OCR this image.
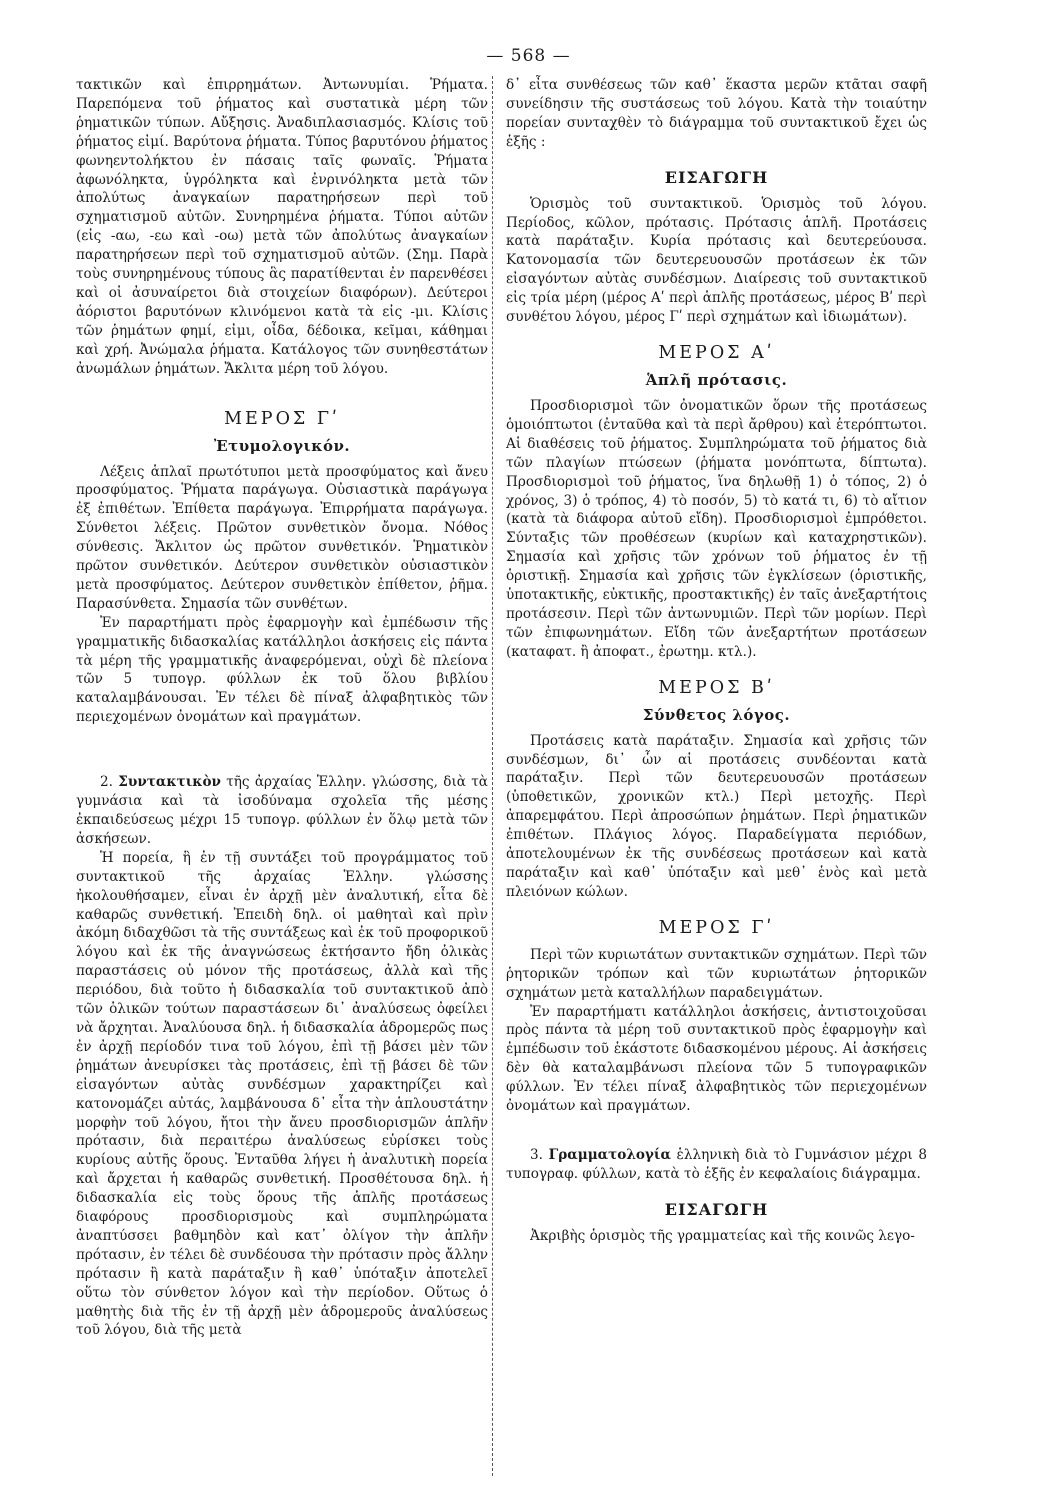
— 568 —

τακτικῶν καὶ ἐπιρρημάτων. Ἀντωνυμίαι. Ῥήματα. Παρεπόμενα τοῦ ῥήματος καὶ συστατικὰ μέρη τῶν ῥηματικῶν τύπων. Αὔξησις. Ἀναδιπλασιασμός. Κλίσις τοῦ ῥήματος εἰμί. Βαρύτονα ῥήματα. Τύπος βαρυτόνου ῥήματος φωνηεντολήκτου ἐν πάσαις ταῖς φωναῖς. Ῥήματα ἀφωνόληκτα, ὑγρόληκτα καὶ ἐνρινόληκτα μετὰ τῶν ἀπολύτως ἀναγκαίων παρατηρήσεων περὶ τοῦ σχηματισμοῦ αὐτῶν. Συνηρημένα ῥήματα. Τύποι αὐτῶν (εἰς -αω, -εω καὶ -οω) μετὰ τῶν ἀπολύτως ἀναγκαίων παρατηρήσεων περὶ τοῦ σχηματισμοῦ αὐτῶν. (Σημ. Παρὰ τοὺς συνηρημένους τύπους ἃς παρατίθενται ἐν παρενθέσει καὶ οἱ ἀσυναίρετοι διὰ στοιχείων διαφόρων). Δεύτεροι ἀόριστοι βαρυτόνων κλινόμενοι κατὰ τὰ εἰς -μι. Κλίσις τῶν ῥημάτων φημί, εἰμι, οἶδα, δέδοικα, κεῖμαι, κάθημαι καὶ χρή. Ἀνώμαλα ῥήματα. Κατάλογος τῶν συνηθεστάτων ἀνωμάλων ῥημάτων. Ἄκλιτα μέρη τοῦ λόγου.

ΜΕΡΟΣ Γʹ
Ἐτυμολογικόν.

Λέξεις ἁπλαῖ πρωτότυποι μετὰ προσφύματος καὶ ἄνευ προσφύματος. Ῥήματα παράγωγα. Οὐσιαστικὰ παράγωγα ἐξ ἐπιθέτων. Ἐπίθετα παράγωγα. Ἐπιρρήματα παράγωγα. Σύνθετοι λέξεις. Πρῶτον συνθετικὸν ὄνομα. Νόθος σύνθεσις. Ἄκλιτον ὡς πρῶτον συνθετικόν. Ῥηματικὸν πρῶτον συνθετικόν. Δεύτερον συνθετικὸν οὐσιαστικὸν μετὰ προσφύματος. Δεύτερον συνθετικὸν ἐπίθετον, ῥῆμα. Παρασύνθετα. Σημασία τῶν συνθέτων.

Ἐν παραρτήματι πρὸς ἐφαρμογὴν καὶ ἐμπέδωσιν τῆς γραμματικῆς διδασκαλίας κατάλληλοι ἀσκήσεις εἰς πάντα τὰ μέρη τῆς γραμματικῆς ἀναφερόμεναι, οὐχὶ δὲ πλείονα τῶν 5 τυπογρ. φύλλων ἐκ τοῦ ὅλου βιβλίου καταλαμβάνουσαι. Ἐν τέλει δὲ πίναξ ἀλφαβητικὸς τῶν περιεχομένων ὀνομάτων καὶ πραγμάτων.

2. Συντακτικὸν τῆς ἀρχαίας Ἑλλην. γλώσσης, διὰ τὰ γυμνάσια καὶ τὰ ἰσοδύναμα σχολεῖα τῆς μέσης ἐκπαιδεύσεως μέχρι 15 τυπογρ. φύλλων ἐν ὅλῳ μετὰ τῶν ἀσκήσεων.

Ἡ πορεία, ἣ ἐν τῇ συντάξει τοῦ προγράμματος τοῦ συντακτικοῦ τῆς ἀρχαίας Ἑλλην. γλώσσης ἠκολουθήσαμεν, εἶναι ἐν ἀρχῇ μὲν ἀναλυτική, εἶτα δὲ καθαρῶς συνθετική. Ἐπειδὴ δηλ. οἱ μαθηταὶ καὶ πρὶν ἀκόμη διδαχθῶσι τὰ τῆς συντάξεως καὶ ἐκ τοῦ προφορικοῦ λόγου καὶ ἐκ τῆς ἀναγνώσεως ἐκτήσαντο ἤδη ὁλικὰς παραστάσεις οὐ μόνον τῆς προτάσεως, ἀλλὰ καὶ τῆς περιόδου, διὰ τοῦτο ἡ διδασκαλία τοῦ συντακτικοῦ ἀπὸ τῶν ὁλικῶν τούτων παραστάσεων δι᾽ ἀναλύσεως ὀφείλει νὰ ἄρχηται. Ἀναλύουσα δηλ. ἡ διδασκαλία ἁδρομερῶς πως ἐν ἀρχῇ περίοδόν τινα τοῦ λόγου, ἐπὶ τῇ βάσει μὲν τῶν ῥημάτων ἀνευρίσκει τὰς προτάσεις, ἐπὶ τῇ βάσει δὲ τῶν εἰσαγόντων αὐτὰς συνδέσμων χαρακτηρίζει καὶ κατονομάζει αὐτάς, λαμβάνουσα δ᾽ εἶτα τὴν ἁπλουστάτην μορφὴν τοῦ λόγου, ἤτοι τὴν ἄνευ προσδιορισμῶν ἁπλῆν πρότασιν, διὰ περαιτέρω ἀναλύσεως εὑρίσκει τοὺς κυρίους αὐτῆς ὅρους. Ἐνταῦθα λήγει ἡ ἀναλυτικὴ πορεία καὶ ἄρχεται ἡ καθαρῶς συνθετική. Προσθέτουσα δηλ. ἡ διδασκαλία εἰς τοὺς ὅρους τῆς ἁπλῆς προτάσεως διαφόρους προσδιορισμοὺς καὶ συμπληρώματα ἀναπτύσσει βαθμηδὸν καὶ κατ᾽ ὀλίγον τὴν ἁπλῆν πρότασιν, ἐν τέλει δὲ συνδέουσα τὴν πρότασιν πρὸς ἄλλην πρότασιν ἢ κατὰ παράταξιν ἢ καθ᾽ ὑπόταξιν ἀποτελεῖ οὕτω τὸν σύνθετον λόγον καὶ τὴν περίοδον. Οὕτως ὁ μαθητὴς διὰ τῆς ἐν τῇ ἀρχῇ μὲν ἁδρομεροῦς ἀναλύσεως τοῦ λόγου, διὰ τῆς μετὰ

δ᾽ εἶτα συνθέσεως τῶν καθ᾽ ἕκαστα μερῶν κτᾶται σαφῆ συνείδησιν τῆς συστάσεως τοῦ λόγου. Κατὰ τὴν τοιαύτην πορείαν συνταχθὲν τὸ διάγραμμα τοῦ συντακτικοῦ ἔχει ὡς ἑξῆς :

ΕΙΣΑΓΩΓΗ

Ὁρισμὸς τοῦ συντακτικοῦ. Ὁρισμὸς τοῦ λόγου. Περίοδος, κῶλον, πρότασις. Πρότασις ἁπλῆ. Προτάσεις κατὰ παράταξιν. Κυρία πρότασις καὶ δευτερεύουσα. Κατονομασία τῶν δευτερευουσῶν προτάσεων ἐκ τῶν εἰσαγόντων αὐτὰς συνδέσμων. Διαίρεσις τοῦ συντακτικοῦ εἰς τρία μέρη (μέρος Αʹ περὶ ἁπλῆς προτάσεως, μέρος Βʹ περὶ συνθέτου λόγου, μέρος Γʹ περὶ σχημάτων καὶ ἰδιωμάτων).

ΜΕΡΟΣ Αʹ
Ἁπλῆ πρότασις.

Προσδιορισμοὶ τῶν ὀνοματικῶν ὅρων τῆς προτάσεως ὁμοιόπτωτοι (ἐνταῦθα καὶ τὰ περὶ ἄρθρου) καὶ ἑτερόπτωτοι. Αἱ διαθέσεις τοῦ ῥήματος. Συμπληρώματα τοῦ ῥήματος διὰ τῶν πλαγίων πτώσεων (ῥήματα μονόπτωτα, δίπτωτα). Προσδιορισμοὶ τοῦ ῥήματος, ἵνα δηλωθῇ 1) ὁ τόπος, 2) ὁ χρόνος, 3) ὁ τρόπος, 4) τὸ ποσόν, 5) τὸ κατά τι, 6) τὸ αἴτιον (κατὰ τὰ διάφορα αὐτοῦ εἴδη). Προσδιορισμοὶ ἐμπρόθετοι. Σύνταξις τῶν προθέσεων (κυρίων καὶ καταχρηστικῶν). Σημασία καὶ χρῆσις τῶν χρόνων τοῦ ῥήματος ἐν τῇ ὁριστικῇ. Σημασία καὶ χρῆσις τῶν ἐγκλίσεων (ὁριστικῆς, ὑποτακτικῆς, εὐκτικῆς, προστακτικῆς) ἐν ταῖς ἀνεξαρτήτοις προτάσεσιν. Περὶ τῶν ἀντωνυμιῶν. Περὶ τῶν μορίων. Περὶ τῶν ἐπιφωνημάτων. Εἴδη τῶν ἀνεξαρτήτων προτάσεων (καταφατ. ἢ ἀποφατ., ἐρωτημ. κτλ.).

ΜΕΡΟΣ Βʹ
Σύνθετος λόγος.

Προτάσεις κατὰ παράταξιν. Σημασία καὶ χρῆσις τῶν συνδέσμων, δι᾽ ὧν αἱ προτάσεις συνδέονται κατὰ παράταξιν. Περὶ τῶν δευτερευουσῶν προτάσεων (ὑποθετικῶν, χρονικῶν κτλ.) Περὶ μετοχῆς. Περὶ ἀπαρεμφάτου. Περὶ ἀπροσώπων ῥημάτων. Περὶ ῥηματικῶν ἐπιθέτων. Πλάγιος λόγος. Παραδείγματα περιόδων, ἀποτελουμένων ἐκ τῆς συνδέσεως προτάσεων καὶ κατὰ παράταξιν καὶ καθ᾽ ὑπόταξιν καὶ μεθ᾽ ἑνὸς καὶ μετὰ πλειόνων κώλων.

ΜΕΡΟΣ Γʹ

Περὶ τῶν κυριωτάτων συντακτικῶν σχημάτων. Περὶ τῶν ῥητορικῶν τρόπων καὶ τῶν κυριωτάτων ῥητορικῶν σχημάτων μετὰ καταλλήλων παραδειγμάτων.

Ἐν παραρτήματι κατάλληλοι ἀσκήσεις, ἀντιστοιχοῦσαι πρὸς πάντα τὰ μέρη τοῦ συντακτικοῦ πρὸς ἐφαρμογὴν καὶ ἐμπέδωσιν τοῦ ἑκάστοτε διδασκομένου μέρους. Αἱ ἀσκήσεις δὲν θὰ καταλαμβάνωσι πλείονα τῶν 5 τυπογραφικῶν φύλλων. Ἐν τέλει πίναξ ἀλφαβητικὸς τῶν περιεχομένων ὀνομάτων καὶ πραγμάτων.

3. Γραμματολογία ἑλληνικὴ διὰ τὸ Γυμνάσιον μέχρι 8 τυπογραφ. φύλλων, κατὰ τὸ ἑξῆς ἐν κεφαλαίοις διάγραμμα.

ΕΙΣΑΓΩΓΗ

Ἀκριβὴς ὁρισμὸς τῆς γραμματείας καὶ τῆς κοινῶς λεγο-
